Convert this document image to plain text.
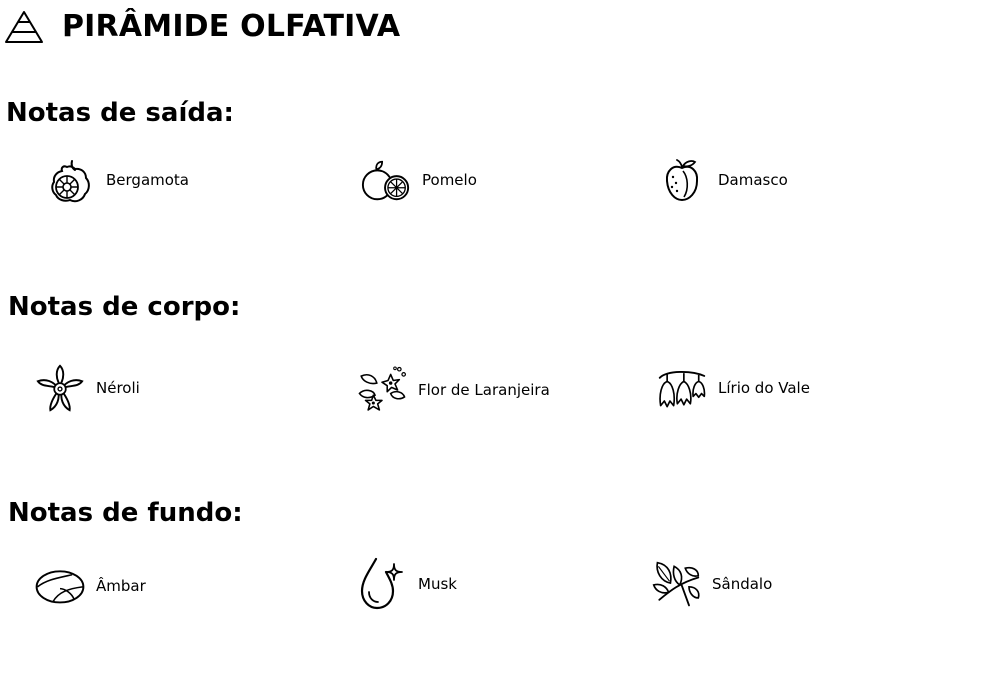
PIRÂMIDE OLFATIVA
Notas de saída:
Bergamota	Pomelo	Damasco
Notas de corpo:
Néroli	Flor de Laranjeira	Lírio do Vale
Notas de fundo:
Âmbar	Musk	Sândalo
